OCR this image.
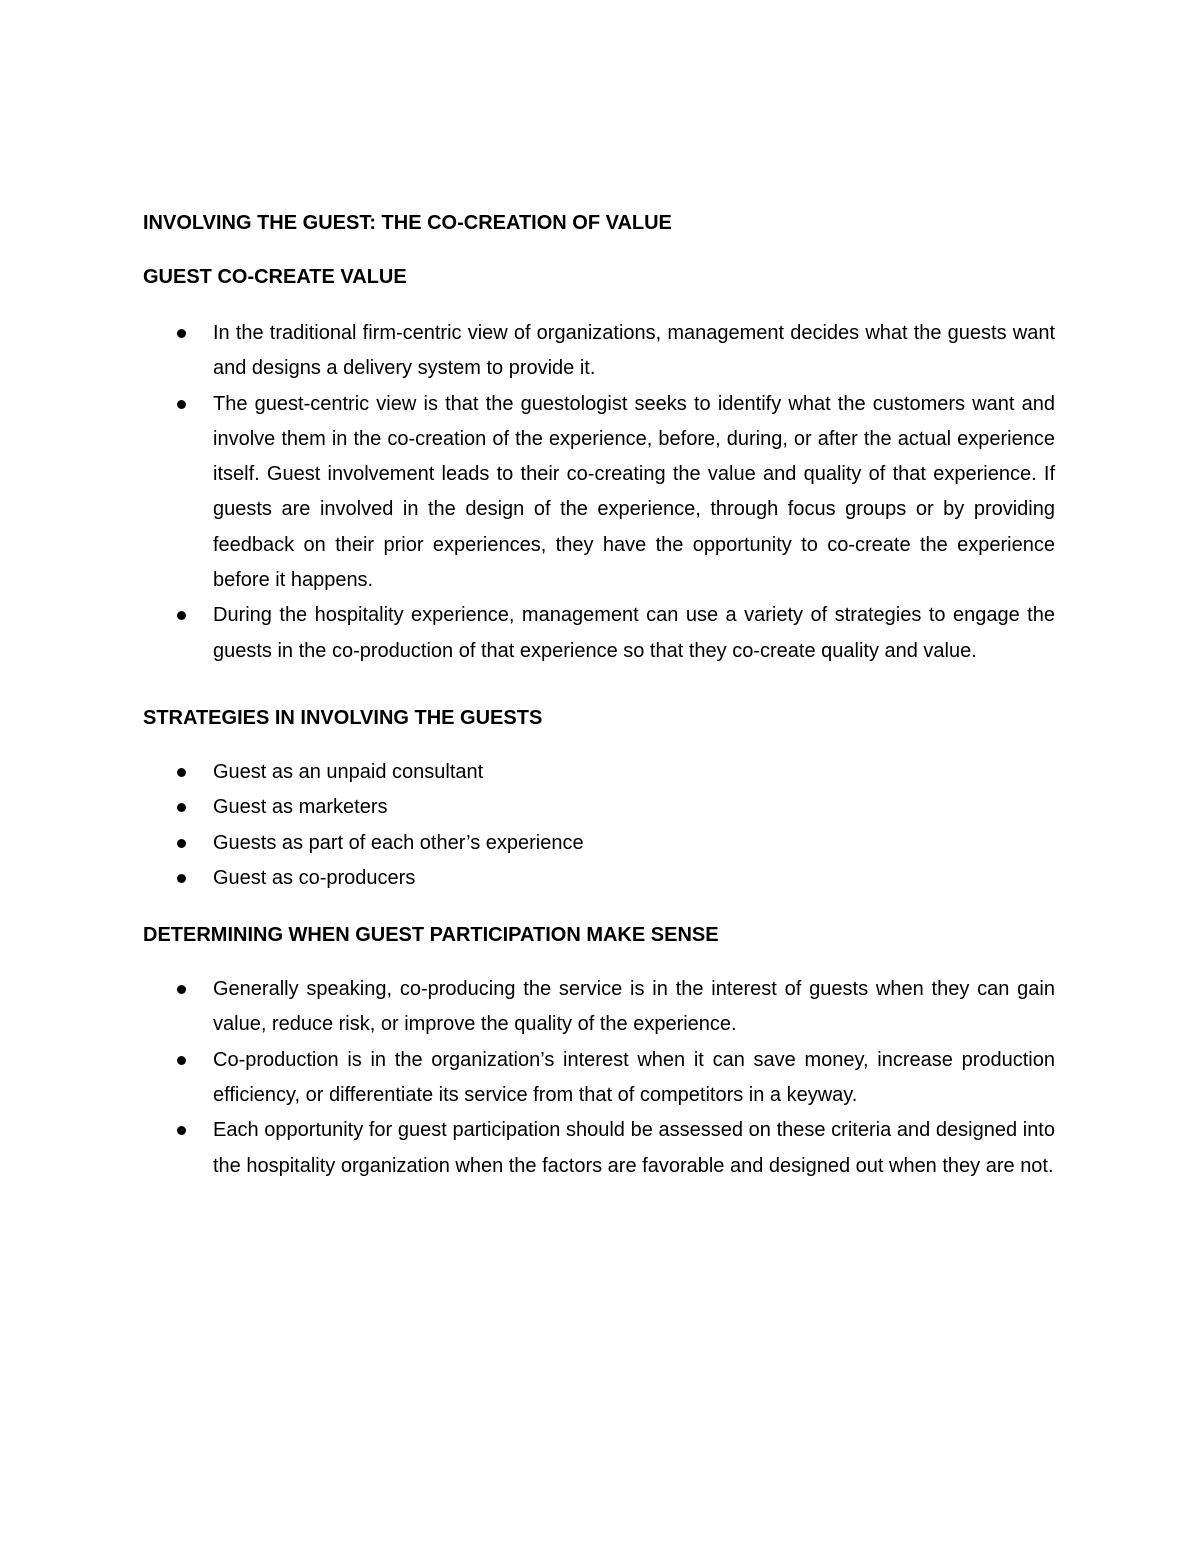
INVOLVING THE GUEST: THE CO-CREATION OF VALUE
GUEST CO-CREATE VALUE
In the traditional firm-centric view of organizations, management decides what the guests want and designs a delivery system to provide it.
The guest-centric view is that the guestologist seeks to identify what the customers want and involve them in the co-creation of the experience, before, during, or after the actual experience itself. Guest involvement leads to their co-creating the value and quality of that experience. If guests are involved in the design of the experience, through focus groups or by providing feedback on their prior experiences, they have the opportunity to co-create the experience before it happens.
During the hospitality experience, management can use a variety of strategies to engage the guests in the co-production of that experience so that they co-create quality and value.
STRATEGIES IN INVOLVING THE GUESTS
Guest as an unpaid consultant
Guest as marketers
Guests as part of each other’s experience
Guest as co-producers
DETERMINING WHEN GUEST PARTICIPATION MAKE SENSE
Generally speaking, co-producing the service is in the interest of guests when they can gain value, reduce risk, or improve the quality of the experience.
Co-production is in the organization’s interest when it can save money, increase production efficiency, or differentiate its service from that of competitors in a keyway.
Each opportunity for guest participation should be assessed on these criteria and designed into the hospitality organization when the factors are favorable and designed out when they are not.
